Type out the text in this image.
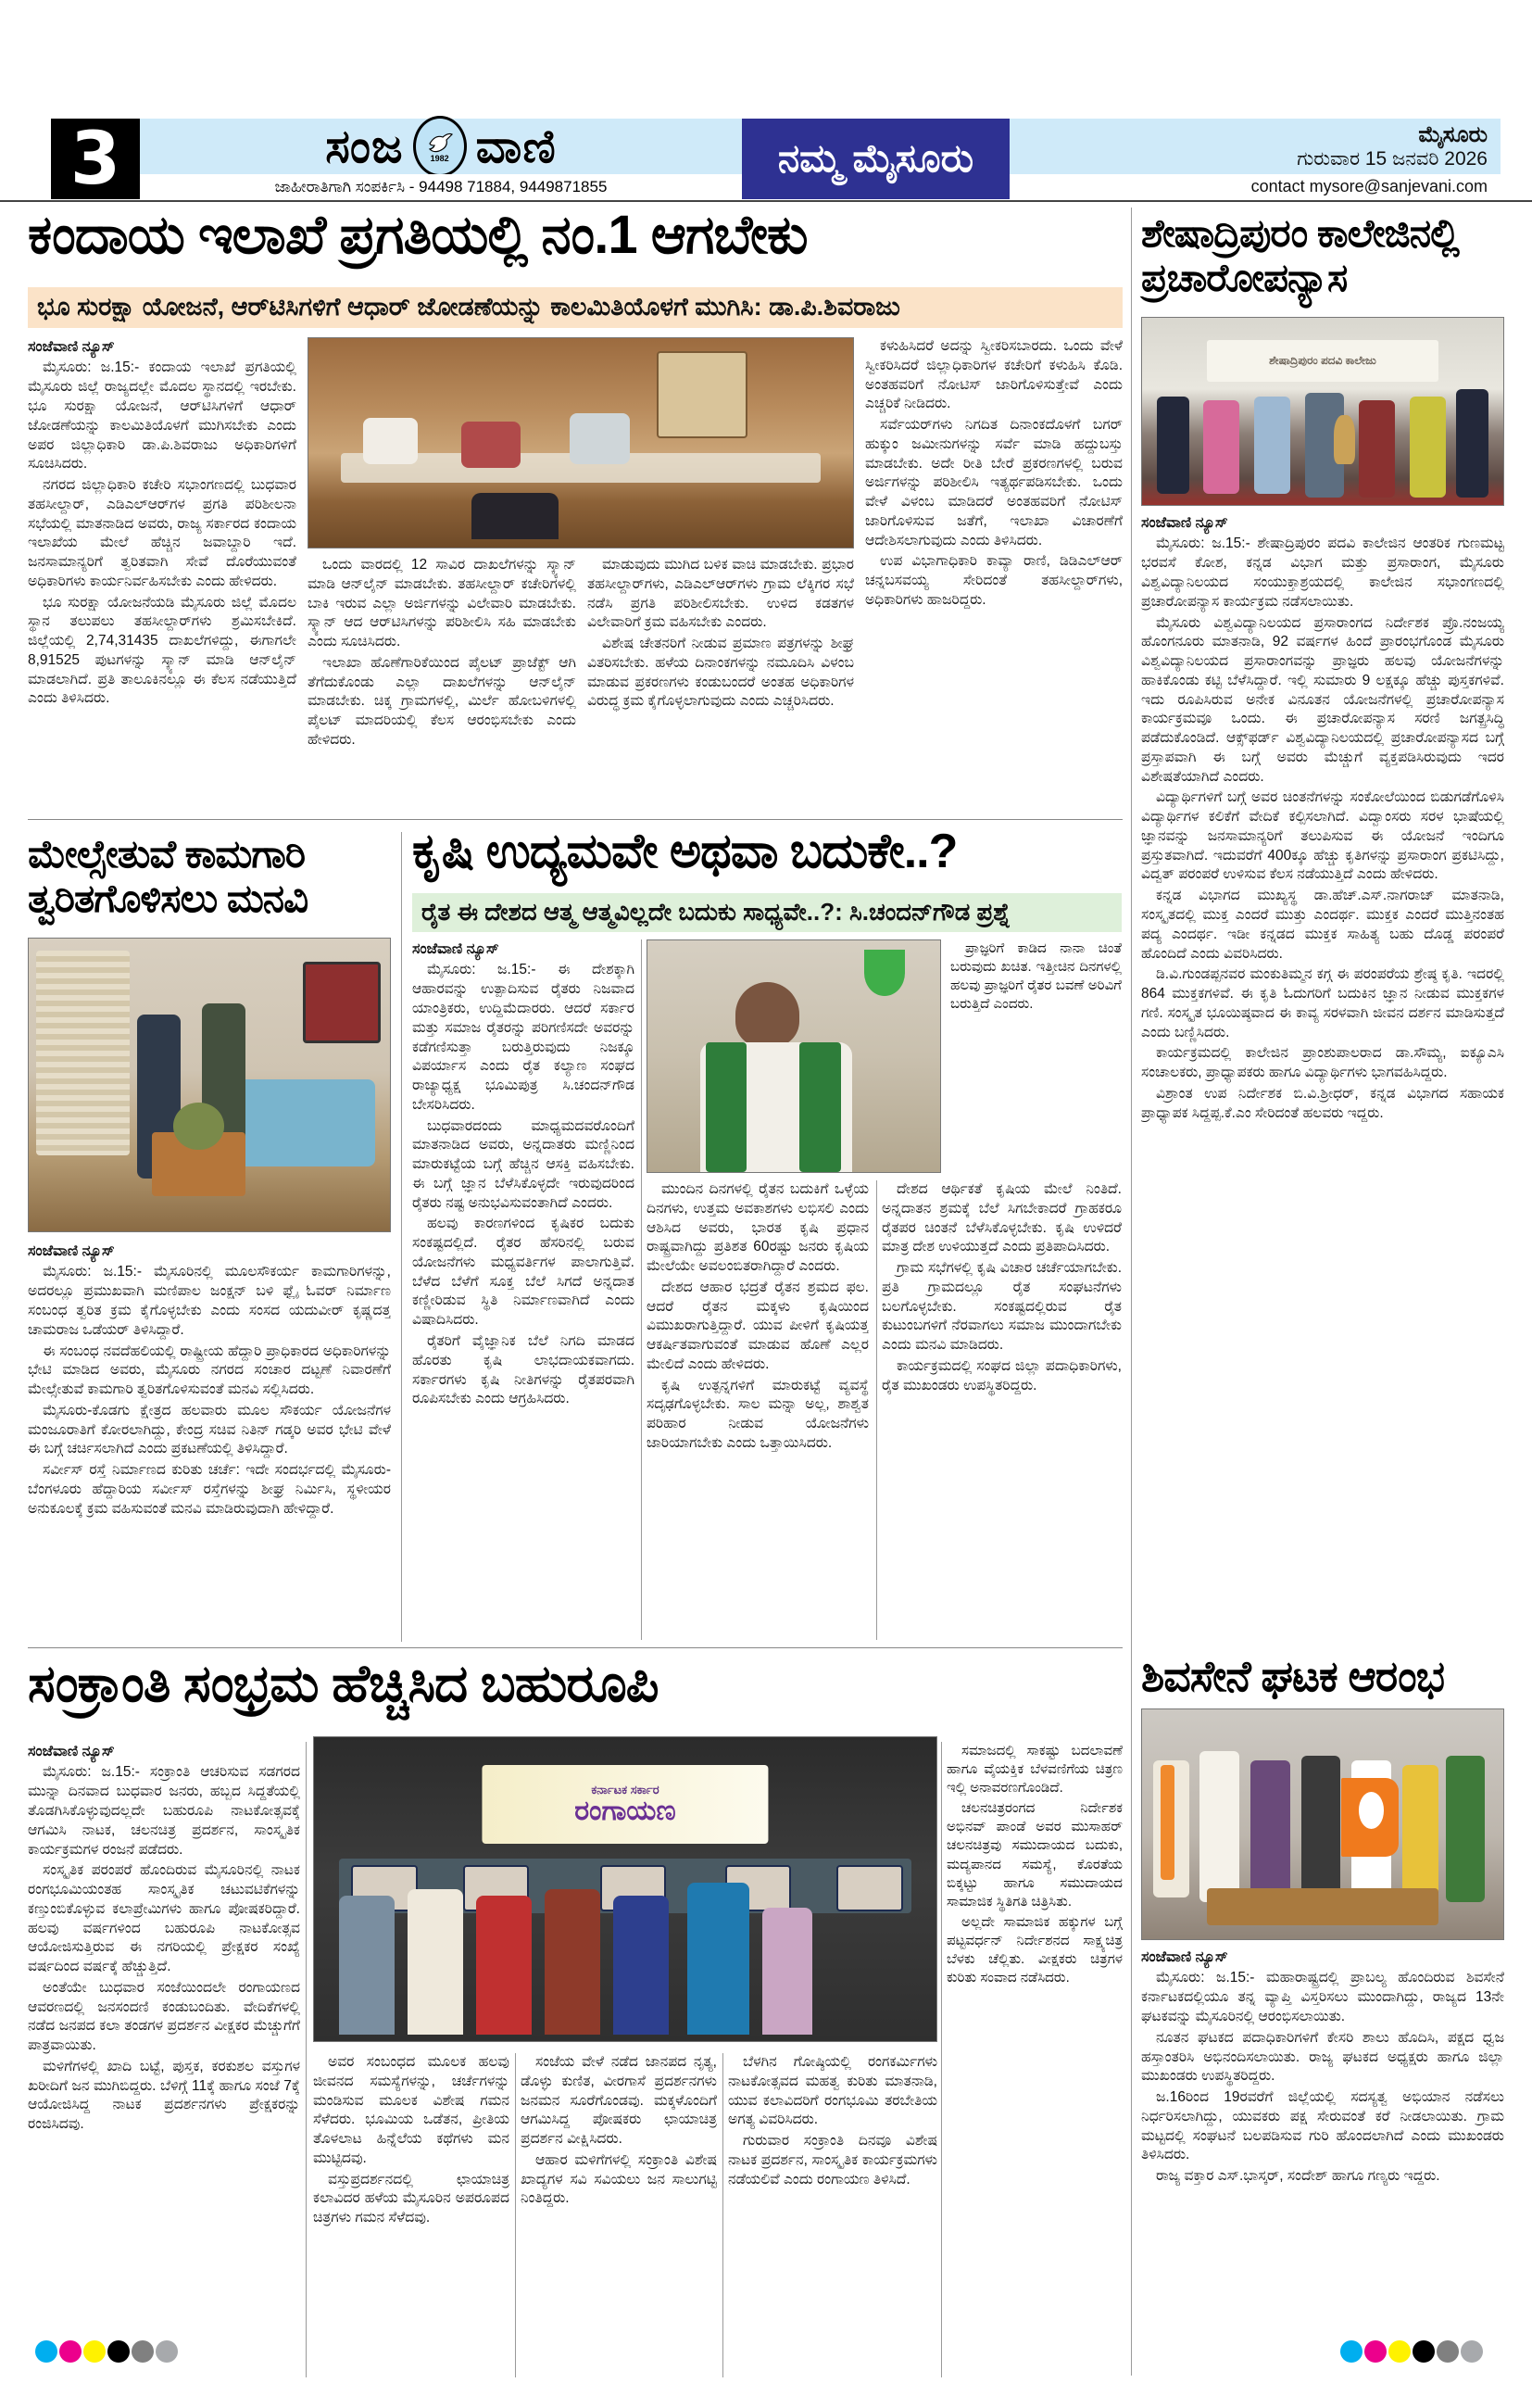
3	ಸಂಜ	1982 ವಾಣಿ
ಜಾಹೀರಾತಿಗಾಗಿ ಸಂಪರ್ಕಿಸಿ - 94498 71884, 9449871855
ನಮ್ಮ ಮೈಸೂರು
ಮೈಸೂರು
ಗುರುವಾರ 15 ಜನವರಿ 2026
contact mysore@sanjevani.com
ಕಂದಾಯ ಇಲಾಖೆ ಪ್ರಗತಿಯಲ್ಲಿ ನಂ.1 ಆಗಬೇಕು
ಭೂ ಸುರಕ್ಷಾ ಯೋಜನೆ, ಆರ್‌ಟಿಸಿಗಳಿಗೆ ಆಧಾರ್ ಜೋಡಣೆಯನ್ನು ಕಾಲಮಿತಿಯೊಳಗೆ ಮುಗಿಸಿ: ಡಾ.ಪಿ.ಶಿವರಾಜು

ಸಂಜೆವಾಣಿ ನ್ಯೂಸ್

ಮೈಸೂರು: ಜ.15:- ಕಂದಾಯ ಇಲಾಖೆ ಪ್ರಗತಿಯಲ್ಲಿ ಮೈಸೂರು ಜಿಲ್ಲೆ ರಾಜ್ಯದಲ್ಲೇ ಮೊದಲ ಸ್ಥಾನದಲ್ಲಿ ಇರಬೇಕು. ಭೂ ಸುರಕ್ಷಾ ಯೋಜನೆ, ಆರ್‌ಟಿಸಿಗಳಿಗೆ ಆಧಾರ್ ಜೋಡಣೆಯನ್ನು ಕಾಲಮಿತಿಯೊಳಗೆ ಮುಗಿಸಬೇಕು ಎಂದು ಅಪರ ಜಿಲ್ಲಾಧಿಕಾರಿ ಡಾ.ಪಿ.ಶಿವರಾಜು ಅಧಿಕಾರಿಗಳಿಗೆ ಸೂಚಿಸಿದರು.

ನಗರದ ಜಿಲ್ಲಾಧಿಕಾರಿ ಕಚೇರಿ ಸಭಾಂಗಣದಲ್ಲಿ ಬುಧವಾರ ತಹಸೀಲ್ದಾರ್, ಎಡಿಎಲ್‌ಆರ್‌ಗಳ ಪ್ರಗತಿ ಪರಿಶೀಲನಾ ಸಭೆಯಲ್ಲಿ ಮಾತನಾಡಿದ ಅವರು, ರಾಜ್ಯ ಸರ್ಕಾರದ ಕಂದಾಯ ಇಲಾಖೆಯ ಮೇಲೆ ಹೆಚ್ಚಿನ ಜವಾಬ್ದಾರಿ ಇದೆ. ಜನಸಾಮಾನ್ಯರಿಗೆ ತ್ವರಿತವಾಗಿ ಸೇವೆ ದೊರೆಯುವಂತೆ ಅಧಿಕಾರಿಗಳು ಕಾರ್ಯನಿರ್ವಹಿಸಬೇಕು ಎಂದು ಹೇಳಿದರು.

ಭೂ ಸುರಕ್ಷಾ ಯೋಜನೆಯಡಿ ಮೈಸೂರು ಜಿಲ್ಲೆ ಮೊದಲ ಸ್ಥಾನ ತಲುಪಲು ತಹಸೀಲ್ದಾರ್‌ಗಳು ಶ್ರಮಿಸಬೇಕಿದೆ. ಜಿಲ್ಲೆಯಲ್ಲಿ 2,74,31435 ದಾಖಲೆಗಳಿದ್ದು, ಈಗಾಗಲೇ 8,91525 ಪುಟಗಳನ್ನು ಸ್ಕ್ಯಾನ್ ಮಾಡಿ ಆನ್‌ಲೈನ್ ಮಾಡಲಾಗಿದೆ. ಪ್ರತಿ ತಾಲೂಕಿನಲ್ಲೂ ಈ ಕೆಲಸ ನಡೆಯುತ್ತಿದೆ ಎಂದು ತಿಳಿಸಿದರು.

ಒಂದು ವಾರದಲ್ಲಿ 12 ಸಾವಿರ ದಾಖಲೆಗಳನ್ನು ಸ್ಕ್ಯಾನ್ ಮಾಡಿ ಆನ್‌ಲೈನ್ ಮಾಡಬೇಕು. ತಹಸೀಲ್ದಾರ್ ಕಚೇರಿಗಳಲ್ಲಿ ಬಾಕಿ ಇರುವ ಎಲ್ಲಾ ಅರ್ಜಿಗಳನ್ನು ವಿಲೇವಾರಿ ಮಾಡಬೇಕು. ಸ್ಕ್ಯಾನ್ ಆದ ಆರ್‌ಟಿಸಿಗಳನ್ನು ಪರಿಶೀಲಿಸಿ ಸಹಿ ಮಾಡಬೇಕು ಎಂದು ಸೂಚಿಸಿದರು.

ಇಲಾಖಾ ಹೊಣೆಗಾರಿಕೆಯಿಂದ ಪೈಲಟ್ ಪ್ರಾಜೆಕ್ಟ್ ಆಗಿ ತೆಗೆದುಕೊಂಡು ಎಲ್ಲಾ ದಾಖಲೆಗಳನ್ನು ಆನ್‌ಲೈನ್ ಮಾಡಬೇಕು. ಚಿಕ್ಕ ಗ್ರಾಮಗಳಲ್ಲಿ, ಮಿರ್ಲೆ ಹೋಬಳಿಗಳಲ್ಲಿ ಪೈಲಟ್ ಮಾದರಿಯಲ್ಲಿ ಕೆಲಸ ಆರಂಭಿಸಬೇಕು ಎಂದು ಹೇಳಿದರು.

ಮಾಡುವುದು ಮುಗಿದ ಬಳಿಕ ವಾಚಿ ಮಾಡಬೇಕು. ಪ್ರಭಾರ ತಹಸೀಲ್ದಾರ್‌ಗಳು, ಎಡಿಎಲ್‌ಆರ್‌ಗಳು ಗ್ರಾಮ ಲೆಕ್ಕಿಗರ ಸಭೆ ನಡೆಸಿ ಪ್ರಗತಿ ಪರಿಶೀಲಿಸಬೇಕು. ಉಳಿದ ಕಡತಗಳ ವಿಲೇವಾರಿಗೆ ಕ್ರಮ ವಹಿಸಬೇಕು ಎಂದರು.

ವಿಶೇಷ ಚೇತನರಿಗೆ ನೀಡುವ ಪ್ರಮಾಣ ಪತ್ರಗಳನ್ನು ಶೀಘ್ರ ವಿತರಿಸಬೇಕು. ಹಳೆಯ ದಿನಾಂಕಗಳನ್ನು ನಮೂದಿಸಿ ವಿಳಂಬ ಮಾಡುವ ಪ್ರಕರಣಗಳು ಕಂಡುಬಂದರೆ ಅಂತಹ ಅಧಿಕಾರಿಗಳ ವಿರುದ್ಧ ಕ್ರಮ ಕೈಗೊಳ್ಳಲಾಗುವುದು ಎಂದು ಎಚ್ಚರಿಸಿದರು.

ಕಳುಹಿಸಿದರೆ ಅದನ್ನು ಸ್ವೀಕರಿಸಬಾರದು. ಒಂದು ವೇಳೆ ಸ್ವೀಕರಿಸಿದರೆ ಜಿಲ್ಲಾಧಿಕಾರಿಗಳ ಕಚೇರಿಗೆ ಕಳುಹಿಸಿ ಕೊಡಿ. ಅಂತಹವರಿಗೆ ನೋಟಿಸ್ ಜಾರಿಗೊಳಿಸುತ್ತೇವೆ ಎಂದು ಎಚ್ಚರಿಕೆ ನೀಡಿದರು.

ಸರ್ವೆಯರ್‌ಗಳು ನಿಗದಿತ ದಿನಾಂಕದೊಳಗೆ ಬಗರ್ ಹುಕ್ಕುಂ ಜಮೀನುಗಳನ್ನು ಸರ್ವೆ ಮಾಡಿ ಹದ್ದುಬಸ್ತು ಮಾಡಬೇಕು. ಅದೇ ರೀತಿ ಬೇರೆ ಪ್ರಕರಣಗಳಲ್ಲಿ ಬರುವ ಅರ್ಜಿಗಳನ್ನು ಪರಿಶೀಲಿಸಿ ಇತ್ಯರ್ಥಪಡಿಸಬೇಕು. ಒಂದು ವೇಳೆ ವಿಳಂಬ ಮಾಡಿದರೆ ಅಂತಹವರಿಗೆ ನೋಟಿಸ್ ಜಾರಿಗೊಳಿಸುವ ಜತೆಗೆ, ಇಲಾಖಾ ವಿಚಾರಣೆಗೆ ಆದೇಶಿಸಲಾಗುವುದು ಎಂದು ತಿಳಿಸಿದರು.

ಉಪ ವಿಭಾಗಾಧಿಕಾರಿ ಕಾವ್ಯಾ ರಾಣಿ, ಡಿಡಿಎಲ್‌ಆರ್ ಚನ್ನಬಸವಯ್ಯ ಸೇರಿದಂತೆ ತಹಸೀಲ್ದಾರ್‌ಗಳು, ಅಧಿಕಾರಿಗಳು ಹಾಜರಿದ್ದರು.

ಶೇಷಾದ್ರಿಪುರಂ ಕಾಲೇಜಿನಲ್ಲಿ
ಪ್ರಚಾರೋಪನ್ಯಾಸ
ಶೇಷಾದ್ರಿಪುರಂ ಪದವಿ ಕಾಲೇಜು

ಸಂಜೆವಾಣಿ ನ್ಯೂಸ್

ಮೈಸೂರು: ಜ.15:- ಶೇಷಾದ್ರಿಪುರಂ ಪದವಿ ಕಾಲೇಜಿನ ಆಂತರಿಕ ಗುಣಮಟ್ಟ ಭರವಸೆ ಕೋಶ, ಕನ್ನಡ ವಿಭಾಗ ಮತ್ತು ಪ್ರಸಾರಾಂಗ, ಮೈಸೂರು ವಿಶ್ವವಿದ್ಯಾನಿಲಯದ ಸಂಯುಕ್ತಾಶ್ರಯದಲ್ಲಿ ಕಾಲೇಜಿನ ಸಭಾಂಗಣದಲ್ಲಿ ಪ್ರಚಾರೋಪನ್ಯಾಸ ಕಾರ್ಯಕ್ರಮ ನಡೆಸಲಾಯಿತು.

ಮೈಸೂರು ವಿಶ್ವವಿದ್ಯಾನಿಲಯದ ಪ್ರಸಾರಾಂಗದ ನಿರ್ದೇಶಕ ಪ್ರೊ.ನಂಜಯ್ಯ ಹೊಂಗನೂರು ಮಾತನಾಡಿ, 92 ವರ್ಷಗಳ ಹಿಂದೆ ಪ್ರಾರಂಭಗೊಂಡ ಮೈಸೂರು ವಿಶ್ವವಿದ್ಯಾನಿಲಯದ ಪ್ರಸಾರಾಂಗವನ್ನು ಪ್ರಾಜ್ಞರು ಹಲವು ಯೋಜನೆಗಳನ್ನು ಹಾಕಿಕೊಂಡು ಕಟ್ಟಿ ಬೆಳೆಸಿದ್ದಾರೆ. ಇಲ್ಲಿ ಸುಮಾರು 9 ಲಕ್ಷಕ್ಕೂ ಹೆಚ್ಚು ಪುಸ್ತಕಗಳಿವೆ. ಇದು ರೂಪಿಸಿರುವ ಅನೇಕ ವಿನೂತನ ಯೋಜನೆಗಳಲ್ಲಿ ಪ್ರಚಾರೋಪನ್ಯಾಸ ಕಾರ್ಯಕ್ರಮವೂ ಒಂದು. ಈ ಪ್ರಚಾರೋಪನ್ಯಾಸ ಸರಣಿ ಜಗತ್ಪ್ರಸಿದ್ಧಿ ಪಡೆದುಕೊಂಡಿದೆ. ಆಕ್ಸ್‌ಫರ್ಡ್ ವಿಶ್ವವಿದ್ಯಾನಿಲಯದಲ್ಲಿ ಪ್ರಚಾರೋಪನ್ಯಾಸದ ಬಗ್ಗೆ ಪ್ರಸ್ತಾಪವಾಗಿ ಈ ಬಗ್ಗೆ ಅವರು ಮೆಚ್ಚುಗೆ ವ್ಯಕ್ತಪಡಿಸಿರುವುದು ಇದರ ವಿಶೇಷತೆಯಾಗಿದೆ ಎಂದರು.

ವಿದ್ಯಾರ್ಥಿಗಳಿಗೆ ಬಗ್ಗೆ ಅವರ ಚಿಂತನೆಗಳನ್ನು ಸಂಕೋಲೆಯಿಂದ ಬಿಡುಗಡೆಗೊಳಿಸಿ ವಿದ್ಯಾರ್ಥಿಗಳ ಕಲಿಕೆಗೆ ವೇದಿಕೆ ಕಲ್ಪಿಸಲಾಗಿದೆ. ವಿದ್ವಾಂಸರು ಸರಳ ಭಾಷೆಯಲ್ಲಿ ಜ್ಞಾನವನ್ನು ಜನಸಾಮಾನ್ಯರಿಗೆ ತಲುಪಿಸುವ ಈ ಯೋಜನೆ ಇಂದಿಗೂ ಪ್ರಸ್ತುತವಾಗಿದೆ. ಇದುವರೆಗೆ 400ಕ್ಕೂ ಹೆಚ್ಚು ಕೃತಿಗಳನ್ನು ಪ್ರಸಾರಾಂಗ ಪ್ರಕಟಿಸಿದ್ದು, ವಿದ್ವತ್ ಪರಂಪರೆ ಉಳಿಸುವ ಕೆಲಸ ನಡೆಯುತ್ತಿದೆ ಎಂದು ಹೇಳಿದರು.

ಕನ್ನಡ ವಿಭಾಗದ ಮುಖ್ಯಸ್ಥ ಡಾ.ಹೆಚ್.ಎಸ್.ನಾಗರಾಜ್ ಮಾತನಾಡಿ, ಸಂಸ್ಕೃತದಲ್ಲಿ ಮುಕ್ತ ಎಂದರೆ ಮುತ್ತು ಎಂದರ್ಥ. ಮುಕ್ತಕ ಎಂದರೆ ಮುತ್ತಿನಂತಹ ಪದ್ಯ ಎಂದರ್ಥ. ಇಡೀ ಕನ್ನಡದ ಮುಕ್ತಕ ಸಾಹಿತ್ಯ ಬಹು ದೊಡ್ಡ ಪರಂಪರೆ ಹೊಂದಿದೆ ಎಂದು ವಿವರಿಸಿದರು.

ಡಿ.ವಿ.ಗುಂಡಪ್ಪನವರ ಮಂಕುತಿಮ್ಮನ ಕಗ್ಗ ಈ ಪರಂಪರೆಯ ಶ್ರೇಷ್ಠ ಕೃತಿ. ಇದರಲ್ಲಿ 864 ಮುಕ್ತಕಗಳಿವೆ. ಈ ಕೃತಿ ಓದುಗರಿಗೆ ಬದುಕಿನ ಜ್ಞಾನ ನೀಡುವ ಮುಕ್ತಕಗಳ ಗಣಿ. ಸಂಸ್ಕೃತ ಭೂಯಿಷ್ಠವಾದ ಈ ಕಾವ್ಯ ಸರಳವಾಗಿ ಜೀವನ ದರ್ಶನ ಮಾಡಿಸುತ್ತದೆ ಎಂದು ಬಣ್ಣಿಸಿದರು.

ಕಾರ್ಯಕ್ರಮದಲ್ಲಿ ಕಾಲೇಜಿನ ಪ್ರಾಂಶುಪಾಲರಾದ ಡಾ.ಸೌಮ್ಯ, ಐಕ್ಯೂಎಸಿ ಸಂಚಾಲಕರು, ಪ್ರಾಧ್ಯಾಪಕರು ಹಾಗೂ ವಿದ್ಯಾರ್ಥಿಗಳು ಭಾಗವಹಿಸಿದ್ದರು.

ವಿಶ್ರಾಂತ ಉಪ ನಿರ್ದೇಶಕ ಬಿ.ವಿ.ಶ್ರೀಧರ್, ಕನ್ನಡ ವಿಭಾಗದ ಸಹಾಯಕ ಪ್ರಾಧ್ಯಾಪಕ ಸಿದ್ದಪ್ಪ.ಕೆ.ಎಂ ಸೇರಿದಂತೆ ಹಲವರು ಇದ್ದರು.

ಶಿವಸೇನೆ ಘಟಕ ಆರಂಭ

ಸಂಜೆವಾಣಿ ನ್ಯೂಸ್

ಮೈಸೂರು: ಜ.15:- ಮಹಾರಾಷ್ಟ್ರದಲ್ಲಿ ಪ್ರಾಬಲ್ಯ ಹೊಂದಿರುವ ಶಿವಸೇನೆ ಕರ್ನಾಟಕದಲ್ಲಿಯೂ ತನ್ನ ವ್ಯಾಪ್ತಿ ವಿಸ್ತರಿಸಲು ಮುಂದಾಗಿದ್ದು, ರಾಜ್ಯದ 13ನೇ ಘಟಕವನ್ನು ಮೈಸೂರಿನಲ್ಲಿ ಆರಂಭಿಸಲಾಯಿತು.

ನೂತನ ಘಟಕದ ಪದಾಧಿಕಾರಿಗಳಿಗೆ ಕೇಸರಿ ಶಾಲು ಹೊದಿಸಿ, ಪಕ್ಷದ ಧ್ವಜ ಹಸ್ತಾಂತರಿಸಿ ಅಭಿನಂದಿಸಲಾಯಿತು. ರಾಜ್ಯ ಘಟಕದ ಅಧ್ಯಕ್ಷರು ಹಾಗೂ ಜಿಲ್ಲಾ ಮುಖಂಡರು ಉಪಸ್ಥಿತರಿದ್ದರು.

ಜ.16ರಿಂದ 19ರವರೆಗೆ ಜಿಲ್ಲೆಯಲ್ಲಿ ಸದಸ್ಯತ್ವ ಅಭಿಯಾನ ನಡೆಸಲು ನಿರ್ಧರಿಸಲಾಗಿದ್ದು, ಯುವಕರು ಪಕ್ಷ ಸೇರುವಂತೆ ಕರೆ ನೀಡಲಾಯಿತು. ಗ್ರಾಮ ಮಟ್ಟದಲ್ಲಿ ಸಂಘಟನೆ ಬಲಪಡಿಸುವ ಗುರಿ ಹೊಂದಲಾಗಿದೆ ಎಂದು ಮುಖಂಡರು ತಿಳಿಸಿದರು.

ರಾಜ್ಯ ವಕ್ತಾರ ಎಸ್.ಭಾಸ್ಕರ್, ಸಂದೇಶ್ ಹಾಗೂ ಗಣ್ಯರು ಇದ್ದರು.

ಮೇಲ್ಸೇತುವೆ ಕಾಮಗಾರಿ
ತ್ವರಿತಗೊಳಿಸಲು ಮನವಿ

ಸಂಜೆವಾಣಿ ನ್ಯೂಸ್

ಮೈಸೂರು: ಜ.15:- ಮೈಸೂರಿನಲ್ಲಿ ಮೂಲಸೌಕರ್ಯ ಕಾಮಗಾರಿಗಳನ್ನು, ಅದರಲ್ಲೂ ಪ್ರಮುಖವಾಗಿ ಮಣಿಪಾಲ ಜಂಕ್ಷನ್ ಬಳಿ ಫ್ಲೈ ಓವರ್ ನಿರ್ಮಾಣ ಸಂಬಂಧ ತ್ವರಿತ ಕ್ರಮ ಕೈಗೊಳ್ಳಬೇಕು ಎಂದು ಸಂಸದ ಯದುವೀರ್ ಕೃಷ್ಣದತ್ತ ಚಾಮರಾಜ ಒಡೆಯರ್ ತಿಳಿಸಿದ್ದಾರೆ.

ಈ ಸಂಬಂಧ ನವದೆಹಲಿಯಲ್ಲಿ ರಾಷ್ಟ್ರೀಯ ಹೆದ್ದಾರಿ ಪ್ರಾಧಿಕಾರದ ಅಧಿಕಾರಿಗಳನ್ನು ಭೇಟಿ ಮಾಡಿದ ಅವರು, ಮೈಸೂರು ನಗರದ ಸಂಚಾರ ದಟ್ಟಣೆ ನಿವಾರಣೆಗೆ ಮೇಲ್ಸೇತುವೆ ಕಾಮಗಾರಿ ತ್ವರಿತಗೊಳಿಸುವಂತೆ ಮನವಿ ಸಲ್ಲಿಸಿದರು.

ಮೈಸೂರು-ಕೊಡಗು ಕ್ಷೇತ್ರದ ಹಲವಾರು ಮೂಲ ಸೌಕರ್ಯ ಯೋಜನೆಗಳ ಮಂಜೂರಾತಿಗೆ ಕೋರಲಾಗಿದ್ದು, ಕೇಂದ್ರ ಸಚಿವ ನಿತಿನ್ ಗಡ್ಕರಿ ಅವರ ಭೇಟಿ ವೇಳೆ ಈ ಬಗ್ಗೆ ಚರ್ಚಿಸಲಾಗಿದೆ ಎಂದು ಪ್ರಕಟಣೆಯಲ್ಲಿ ತಿಳಿಸಿದ್ದಾರೆ.

ಸರ್ವೀಸ್ ರಸ್ತೆ ನಿರ್ಮಾಣದ ಕುರಿತು ಚರ್ಚೆ: ಇದೇ ಸಂದರ್ಭದಲ್ಲಿ ಮೈಸೂರು-ಬೆಂಗಳೂರು ಹೆದ್ದಾರಿಯ ಸರ್ವೀಸ್ ರಸ್ತೆಗಳನ್ನು ಶೀಘ್ರ ನಿರ್ಮಿಸಿ, ಸ್ಥಳೀಯರ ಅನುಕೂಲಕ್ಕೆ ಕ್ರಮ ವಹಿಸುವಂತೆ ಮನವಿ ಮಾಡಿರುವುದಾಗಿ ಹೇಳಿದ್ದಾರೆ.

ಕೃಷಿ ಉದ್ಯಮವೇ ಅಥವಾ ಬದುಕೇ..?
ರೈತ ಈ ದೇಶದ ಆತ್ಮ ಆತ್ಮವಿಲ್ಲದೇ ಬದುಕು ಸಾಧ್ಯವೇ..?: ಸಿ.ಚಂದನ್‌ಗೌಡ ಪ್ರಶ್ನೆ

ಸಂಜೆವಾಣಿ ನ್ಯೂಸ್

ಮೈಸೂರು: ಜ.15:- ಈ ದೇಶಕ್ಕಾಗಿ ಆಹಾರವನ್ನು ಉತ್ಪಾದಿಸುವ ರೈತರು ನಿಜವಾದ ಯಾಂತ್ರಿಕರು, ಉದ್ದಿಮೆದಾರರು. ಆದರೆ ಸರ್ಕಾರ ಮತ್ತು ಸಮಾಜ ರೈತರನ್ನು ಪರಿಗಣಿಸದೇ ಅವರನ್ನು ಕಡೆಗಣಿಸುತ್ತಾ ಬರುತ್ತಿರುವುದು ನಿಜಕ್ಕೂ ವಿಪರ್ಯಾಸ ಎಂದು ರೈತ ಕಲ್ಯಾಣ ಸಂಘದ ರಾಜ್ಯಾಧ್ಯಕ್ಷ ಭೂಮಿಪುತ್ರ ಸಿ.ಚಂದನ್‌ಗೌಡ ಬೇಸರಿಸಿದರು.

ಬುಧವಾರದಂದು ಮಾಧ್ಯಮದವರೊಂದಿಗೆ ಮಾತನಾಡಿದ ಅವರು, ಅನ್ನದಾತರು ಮಣ್ಣಿನಿಂದ ಮಾರುಕಟ್ಟೆಯ ಬಗ್ಗೆ ಹೆಚ್ಚಿನ ಆಸಕ್ತಿ ವಹಿಸಬೇಕು. ಈ ಬಗ್ಗೆ ಜ್ಞಾನ ಬೆಳೆಸಿಕೊಳ್ಳದೇ ಇರುವುದರಿಂದ ರೈತರು ನಷ್ಟ ಅನುಭವಿಸುವಂತಾಗಿದೆ ಎಂದರು.

ಹಲವು ಕಾರಣಗಳಿಂದ ಕೃಷಿಕರ ಬದುಕು ಸಂಕಷ್ಟದಲ್ಲಿದೆ. ರೈತರ ಹೆಸರಿನಲ್ಲಿ ಬರುವ ಯೋಜನೆಗಳು ಮಧ್ಯವರ್ತಿಗಳ ಪಾಲಾಗುತ್ತಿವೆ. ಬೆಳೆದ ಬೆಳೆಗೆ ಸೂಕ್ತ ಬೆಲೆ ಸಿಗದೆ ಅನ್ನದಾತ ಕಣ್ಣೀರಿಡುವ ಸ್ಥಿತಿ ನಿರ್ಮಾಣವಾಗಿದೆ ಎಂದು ವಿಷಾದಿಸಿದರು.

ರೈತರಿಗೆ ವೈಜ್ಞಾನಿಕ ಬೆಲೆ ನಿಗದಿ ಮಾಡದ ಹೊರತು ಕೃಷಿ ಲಾಭದಾಯಕವಾಗದು. ಸರ್ಕಾರಗಳು ಕೃಷಿ ನೀತಿಗಳನ್ನು ರೈತಪರವಾಗಿ ರೂಪಿಸಬೇಕು ಎಂದು ಆಗ್ರಹಿಸಿದರು.

ಮುಂದಿನ ದಿನಗಳಲ್ಲಿ ರೈತನ ಬದುಕಿಗೆ ಒಳ್ಳೆಯ ದಿನಗಳು, ಉತ್ತಮ ಅವಕಾಶಗಳು ಲಭಿಸಲಿ ಎಂದು ಆಶಿಸಿದ ಅವರು, ಭಾರತ ಕೃಷಿ ಪ್ರಧಾನ ರಾಷ್ಟ್ರವಾಗಿದ್ದು ಪ್ರತಿಶತ 60ರಷ್ಟು ಜನರು ಕೃಷಿಯ ಮೇಲೆಯೇ ಅವಲಂಬಿತರಾಗಿದ್ದಾರೆ ಎಂದರು.

ದೇಶದ ಆಹಾರ ಭದ್ರತೆ ರೈತನ ಶ್ರಮದ ಫಲ. ಆದರೆ ರೈತನ ಮಕ್ಕಳು ಕೃಷಿಯಿಂದ ವಿಮುಖರಾಗುತ್ತಿದ್ದಾರೆ. ಯುವ ಪೀಳಿಗೆ ಕೃಷಿಯತ್ತ ಆಕರ್ಷಿತವಾಗುವಂತೆ ಮಾಡುವ ಹೊಣೆ ಎಲ್ಲರ ಮೇಲಿದೆ ಎಂದು ಹೇಳಿದರು.

ಕೃಷಿ ಉತ್ಪನ್ನಗಳಿಗೆ ಮಾರುಕಟ್ಟೆ ವ್ಯವಸ್ಥೆ ಸದೃಢಗೊಳ್ಳಬೇಕು. ಸಾಲ ಮನ್ನಾ ಅಲ್ಲ, ಶಾಶ್ವತ ಪರಿಹಾರ ನೀಡುವ ಯೋಜನೆಗಳು ಜಾರಿಯಾಗಬೇಕು ಎಂದು ಒತ್ತಾಯಿಸಿದರು.

ಪ್ರಾಜ್ಞರಿಗೆ ಕಾಡಿದ ನಾನಾ ಚಿಂತೆ ಬರುವುದು ಖಚಿತ. ಇತ್ತೀಚಿನ ದಿನಗಳಲ್ಲಿ ಹಲವು ಪ್ರಾಜ್ಞರಿಗೆ ರೈತರ ಬವಣೆ ಅರಿವಿಗೆ ಬರುತ್ತಿದೆ ಎಂದರು.

ದೇಶದ ಆರ್ಥಿಕತೆ ಕೃಷಿಯ ಮೇಲೆ ನಿಂತಿದೆ. ಅನ್ನದಾತನ ಶ್ರಮಕ್ಕೆ ಬೆಲೆ ಸಿಗಬೇಕಾದರೆ ಗ್ರಾಹಕರೂ ರೈತಪರ ಚಿಂತನೆ ಬೆಳೆಸಿಕೊಳ್ಳಬೇಕು. ಕೃಷಿ ಉಳಿದರೆ ಮಾತ್ರ ದೇಶ ಉಳಿಯುತ್ತದೆ ಎಂದು ಪ್ರತಿಪಾದಿಸಿದರು.

ಗ್ರಾಮ ಸಭೆಗಳಲ್ಲಿ ಕೃಷಿ ವಿಚಾರ ಚರ್ಚೆಯಾಗಬೇಕು. ಪ್ರತಿ ಗ್ರಾಮದಲ್ಲೂ ರೈತ ಸಂಘಟನೆಗಳು ಬಲಗೊಳ್ಳಬೇಕು. ಸಂಕಷ್ಟದಲ್ಲಿರುವ ರೈತ ಕುಟುಂಬಗಳಿಗೆ ನೆರವಾಗಲು ಸಮಾಜ ಮುಂದಾಗಬೇಕು ಎಂದು ಮನವಿ ಮಾಡಿದರು.

ಕಾರ್ಯಕ್ರಮದಲ್ಲಿ ಸಂಘದ ಜಿಲ್ಲಾ ಪದಾಧಿಕಾರಿಗಳು, ರೈತ ಮುಖಂಡರು ಉಪಸ್ಥಿತರಿದ್ದರು.

ಸಂಕ್ರಾಂತಿ ಸಂಭ್ರಮ ಹೆಚ್ಚಿಸಿದ ಬಹುರೂಪಿ

ಸಂಜೆವಾಣಿ ನ್ಯೂಸ್

ಮೈಸೂರು: ಜ.15:- ಸಂಕ್ರಾಂತಿ ಆಚರಿಸುವ ಸಡಗರದ ಮುನ್ನಾ ದಿನವಾದ ಬುಧವಾರ ಜನರು, ಹಬ್ಬದ ಸಿದ್ದತೆಯಲ್ಲಿ ತೊಡಗಿಸಿಕೊಳ್ಳುವುದಲ್ಲದೇ ಬಹುರೂಪಿ ನಾಟಕೋತ್ಸವಕ್ಕೆ ಆಗಮಿಸಿ ನಾಟಕ, ಚಲನಚಿತ್ರ ಪ್ರದರ್ಶನ, ಸಾಂಸ್ಕೃತಿಕ ಕಾರ್ಯಕ್ರಮಗಳ ರಂಜನೆ ಪಡೆದರು.

ಸಂಸ್ಕೃತಿಕ ಪರಂಪರೆ ಹೊಂದಿರುವ ಮೈಸೂರಿನಲ್ಲಿ ನಾಟಕ ರಂಗಭೂಮಿಯಂತಹ ಸಾಂಸ್ಕೃತಿಕ ಚಟುವಟಿಕೆಗಳನ್ನು ಕಣ್ತುಂಬಿಕೊಳ್ಳುವ ಕಲಾಪ್ರೇಮಿಗಳು ಹಾಗೂ ಪೋಷಕರಿದ್ದಾರೆ. ಹಲವು ವರ್ಷಗಳಿಂದ ಬಹುರೂಪಿ ನಾಟಕೋತ್ಸವ ಆಯೋಜಿಸುತ್ತಿರುವ ಈ ನಗರಿಯಲ್ಲಿ ಪ್ರೇಕ್ಷಕರ ಸಂಖ್ಯೆ ವರ್ಷದಿಂದ ವರ್ಷಕ್ಕೆ ಹೆಚ್ಚುತ್ತಿದೆ.

ಅಂತೆಯೇ ಬುಧವಾರ ಸಂಜೆಯಿಂದಲೇ ರಂಗಾಯಣದ ಆವರಣದಲ್ಲಿ ಜನಸಂದಣಿ ಕಂಡುಬಂದಿತು. ವೇದಿಕೆಗಳಲ್ಲಿ ನಡೆದ ಜನಪದ ಕಲಾ ತಂಡಗಳ ಪ್ರದರ್ಶನ ವೀಕ್ಷಕರ ಮೆಚ್ಚುಗೆಗೆ ಪಾತ್ರವಾಯಿತು.

ಮಳಿಗೆಗಳಲ್ಲಿ ಖಾದಿ ಬಟ್ಟೆ, ಪುಸ್ತಕ, ಕರಕುಶಲ ವಸ್ತುಗಳ ಖರೀದಿಗೆ ಜನ ಮುಗಿಬಿದ್ದರು. ಬೆಳಿಗ್ಗೆ 11ಕ್ಕೆ ಹಾಗೂ ಸಂಜೆ 7ಕ್ಕೆ ಆಯೋಜಿಸಿದ್ದ ನಾಟಕ ಪ್ರದರ್ಶನಗಳು ಪ್ರೇಕ್ಷಕರನ್ನು ರಂಜಿಸಿದವು.

ಕರ್ನಾಟಕ ಸರ್ಕಾರ
ರಂಗಾಯಣ

ಸಮಾಜದಲ್ಲಿ ಸಾಕಷ್ಟು ಬದಲಾವಣೆ ಹಾಗೂ ವೈಯಕ್ತಿಕ ಬೆಳವಣಿಗೆಯ ಚಿತ್ರಣ ಇಲ್ಲಿ ಅನಾವರಣಗೊಂಡಿದೆ.

ಚಲನಚಿತ್ರರಂಗದ ನಿರ್ದೇಶಕ ಅಭಿನವ್ ಪಾಂಡೆ ಅವರ ಮುಸಾಹರ್ ಚಲನಚಿತ್ರವು ಸಮುದಾಯದ ಬದುಕು, ಮದ್ಯಪಾನದ ಸಮಸ್ಯೆ, ಕೊರತೆಯ ಬಿಕ್ಕಟ್ಟು ಹಾಗೂ ಸಮುದಾಯದ ಸಾಮಾಜಿಕ ಸ್ಥಿತಿಗತಿ ಚಿತ್ರಿಸಿತು.

ಅಲ್ಲದೇ ಸಾಮಾಜಿಕ ಹಕ್ಕುಗಳ ಬಗ್ಗೆ ಪಟ್ಟವರ್ಧನ್ ನಿರ್ದೇಶನದ ಸಾಕ್ಷ್ಯಚಿತ್ರ ಬೆಳಕು ಚೆಲ್ಲಿತು. ವೀಕ್ಷಕರು ಚಿತ್ರಗಳ ಕುರಿತು ಸಂವಾದ ನಡೆಸಿದರು.

ಅವರ ಸಂಬಂಧದ ಮೂಲಕ ಹಲವು ಜೀವನದ ಸಮಸ್ಯೆಗಳನ್ನು, ಚರ್ಚೆಗಳನ್ನು ಮಂಡಿಸುವ ಮೂಲಕ ವಿಶೇಷ ಗಮನ ಸೆಳೆದರು. ಭೂಮಿಯ ಒಡೆತನ, ಪ್ರೀತಿಯ ತೊಳಲಾಟ ಹಿನ್ನೆಲೆಯ ಕಥೆಗಳು ಮನ ಮುಟ್ಟಿದವು.

ವಸ್ತುಪ್ರದರ್ಶನದಲ್ಲಿ ಛಾಯಾಚಿತ್ರ ಕಲಾವಿದರ ಹಳೆಯ ಮೈಸೂರಿನ ಅಪರೂಪದ ಚಿತ್ರಗಳು ಗಮನ ಸೆಳೆದವು.

ಸಂಜೆಯ ವೇಳೆ ನಡೆದ ಜಾನಪದ ನೃತ್ಯ, ಡೊಳ್ಳು ಕುಣಿತ, ವೀರಗಾಸೆ ಪ್ರದರ್ಶನಗಳು ಜನಮನ ಸೂರೆಗೊಂಡವು. ಮಕ್ಕಳೊಂದಿಗೆ ಆಗಮಿಸಿದ್ದ ಪೋಷಕರು ಛಾಯಾಚಿತ್ರ ಪ್ರದರ್ಶನ ವೀಕ್ಷಿಸಿದರು.

ಆಹಾರ ಮಳಿಗೆಗಳಲ್ಲಿ ಸಂಕ್ರಾಂತಿ ವಿಶೇಷ ಖಾದ್ಯಗಳ ಸವಿ ಸವಿಯಲು ಜನ ಸಾಲುಗಟ್ಟಿ ನಿಂತಿದ್ದರು.

ಬೆಳಗಿನ ಗೋಷ್ಠಿಯಲ್ಲಿ ರಂಗಕರ್ಮಿಗಳು ನಾಟಕೋತ್ಸವದ ಮಹತ್ವ ಕುರಿತು ಮಾತನಾಡಿ, ಯುವ ಕಲಾವಿದರಿಗೆ ರಂಗಭೂಮಿ ತರಬೇತಿಯ ಅಗತ್ಯ ವಿವರಿಸಿದರು.

ಗುರುವಾರ ಸಂಕ್ರಾಂತಿ ದಿನವೂ ವಿಶೇಷ ನಾಟಕ ಪ್ರದರ್ಶನ, ಸಾಂಸ್ಕೃತಿಕ ಕಾರ್ಯಕ್ರಮಗಳು ನಡೆಯಲಿವೆ ಎಂದು ರಂಗಾಯಣ ತಿಳಿಸಿದೆ.
